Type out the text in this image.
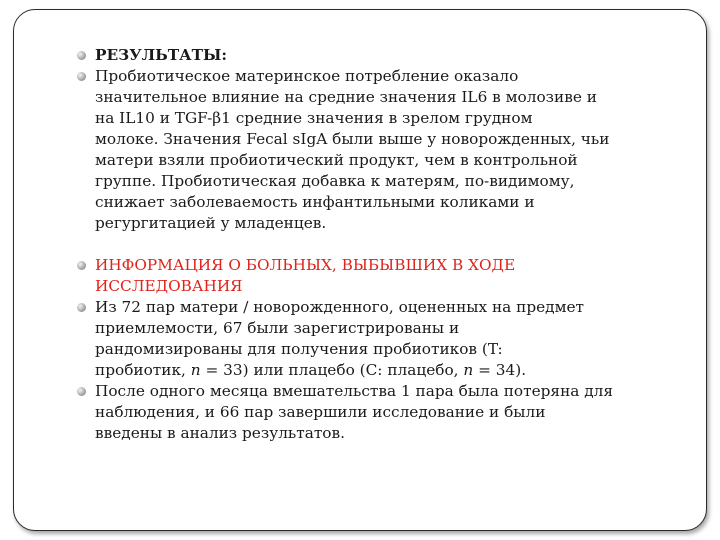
РЕЗУЛЬТАТЫ:
Пробиотическое материнское потребление оказало
значительное влияние на средние значения IL6 в молозиве и
на IL10 и TGF-β1 средние значения в зрелом грудном
молоке. Значения Fecal sIgA были выше у новорожденных, чьи
матери взяли пробиотический продукт, чем в контрольной
группе. Пробиотическая добавка к матерям, по-видимому,
снижает заболеваемость инфантильными коликами и
регургитацией у младенцев.
ИНФОРМАЦИЯ О БОЛЬНЫХ, ВЫБЫВШИХ В ХОДЕ
ИССЛЕДОВАНИЯ
Из 72 пар матери / новорожденного, оцененных на предмет
приемлемости, 67 были зарегистрированы и
рандомизированы для получения пробиотиков (T:
пробиотик, n = 33) или плацебо (C: плацебо, n = 34).
После одного месяца вмешательства 1 пара была потеряна для
наблюдения, и 66 пар завершили исследование и были
введены в анализ результатов.
